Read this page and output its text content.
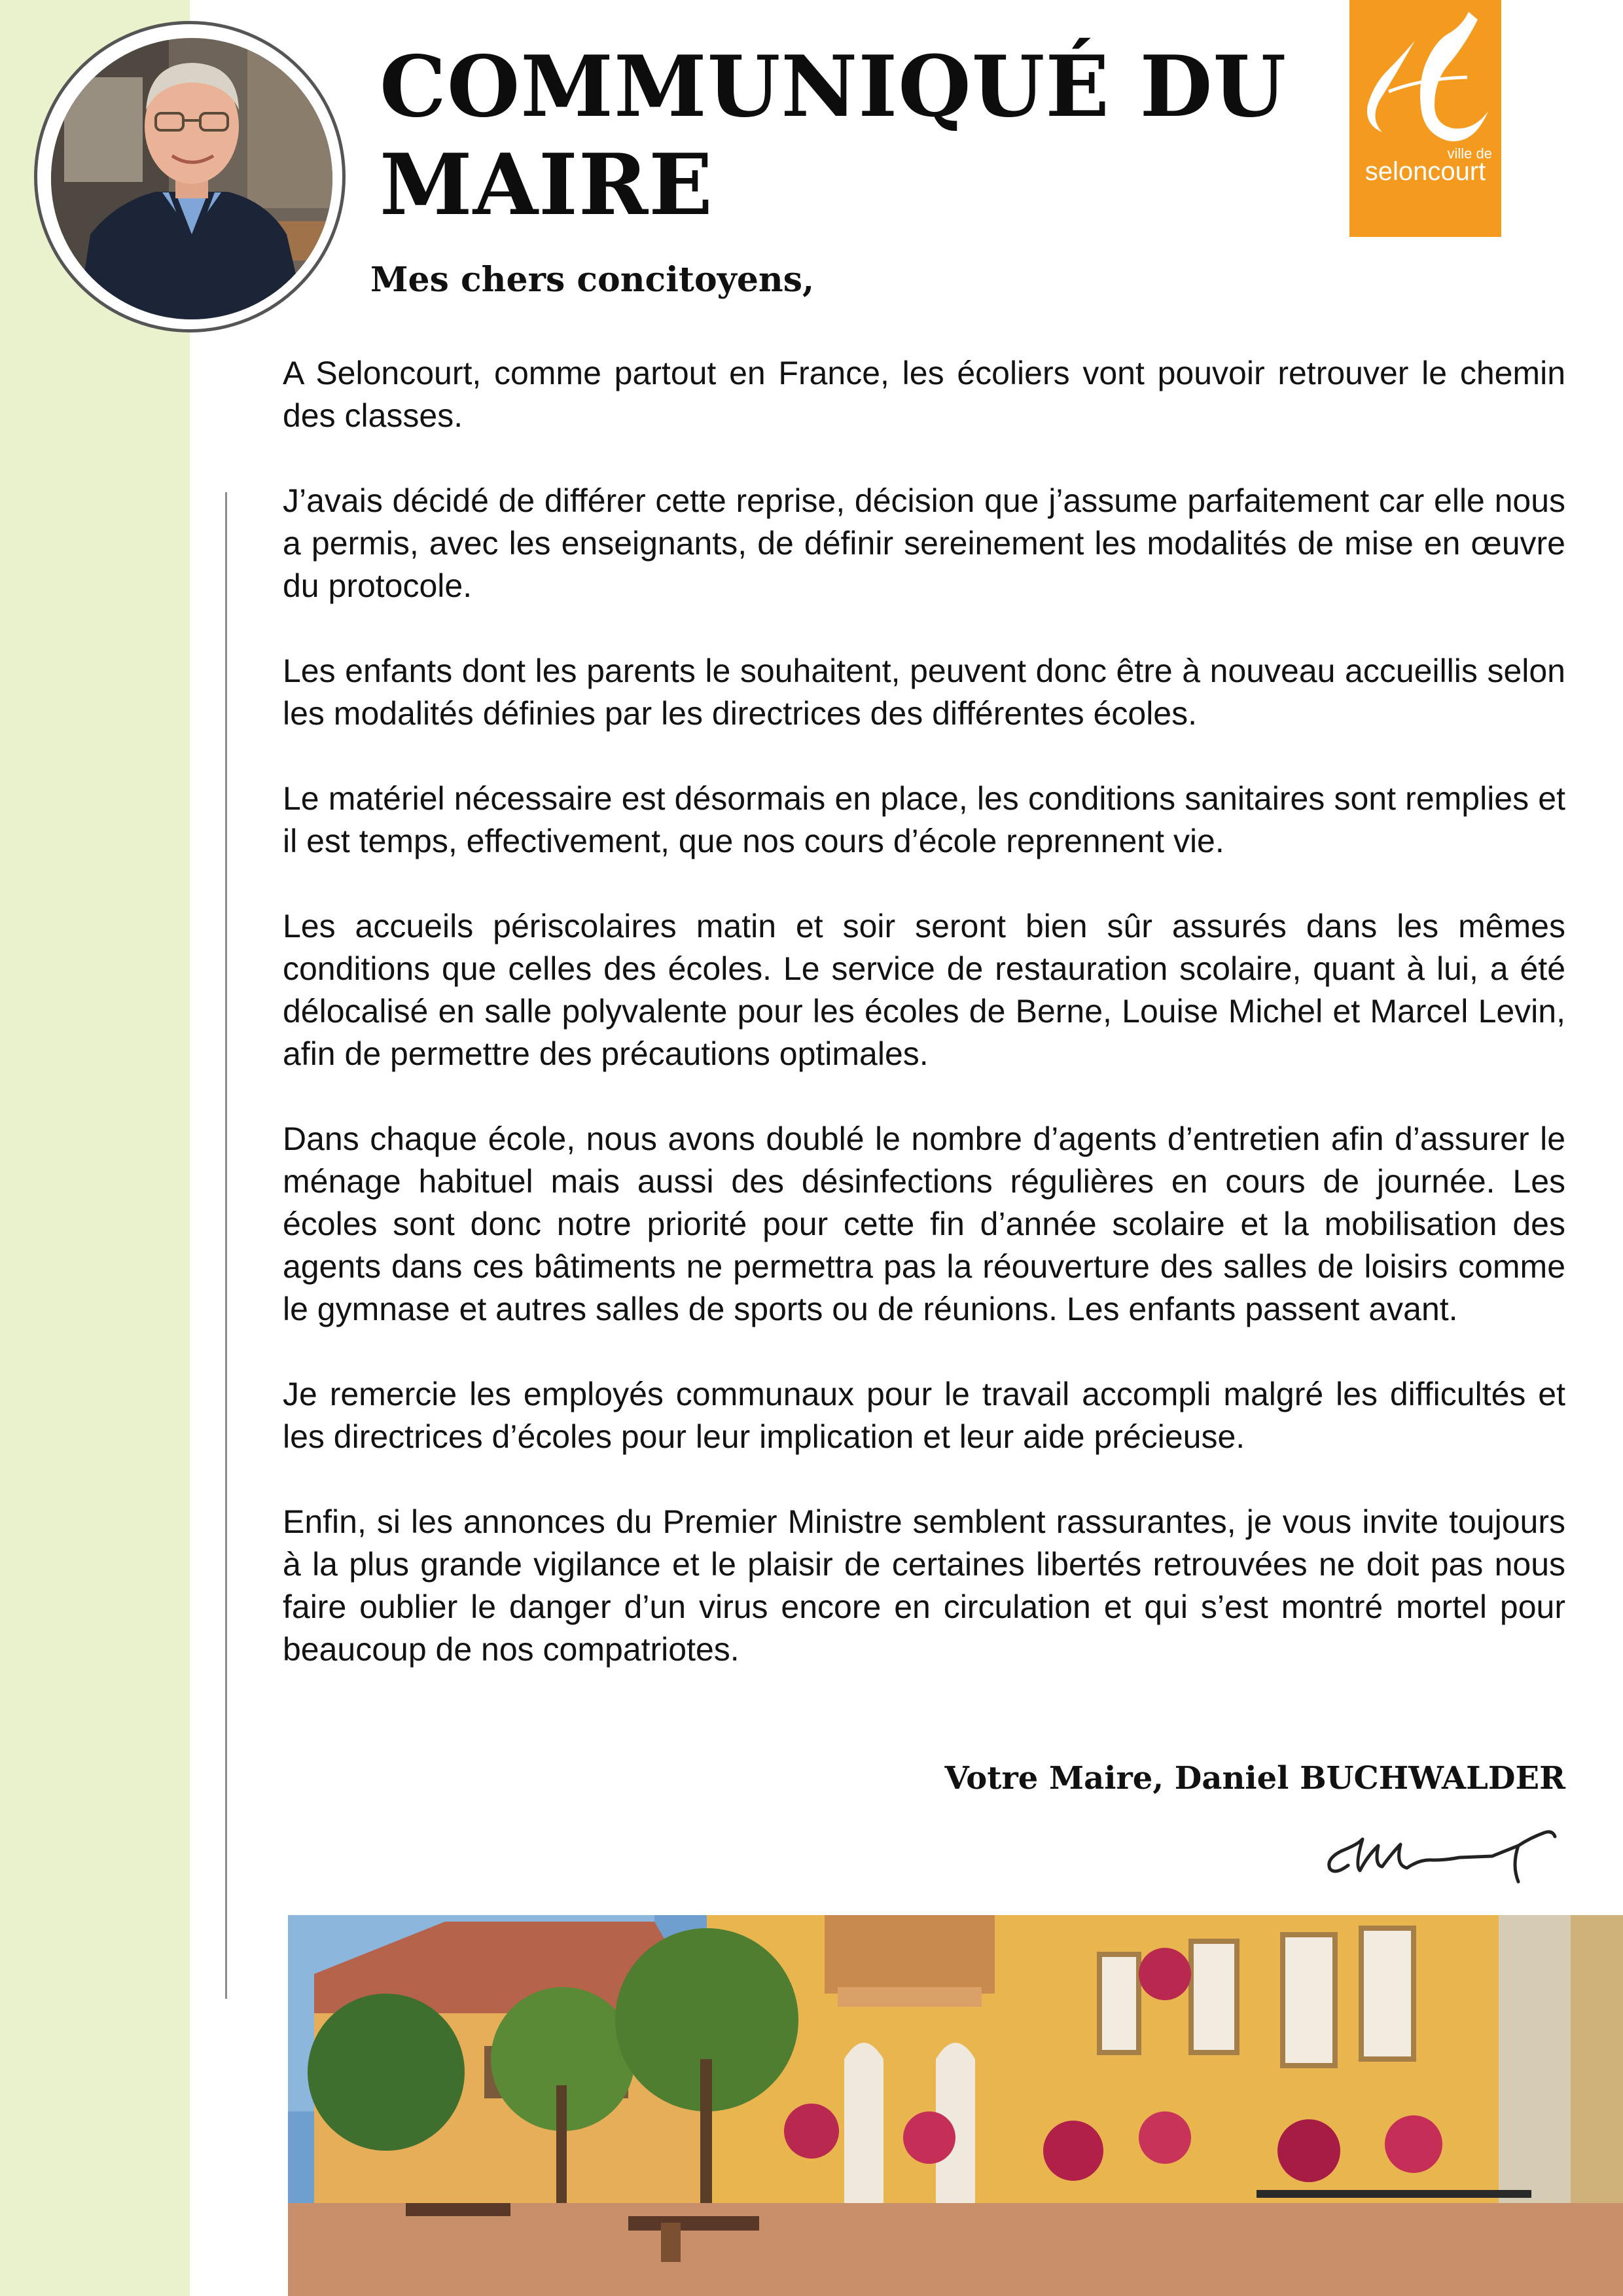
COMMUNIQUÉ DU
MAIRE	ville de
seloncourt
Mes chers concitoyens,

A Seloncourt, comme partout en France, les écoliers vont pouvoir retrouver le chemin des classes.

J’avais décidé de différer cette reprise, décision que j’assume parfaitement car elle nous a permis, avec les enseignants, de définir sereinement les modalités de mise en œuvre du protocole.

Les enfants dont les parents le souhaitent, peuvent donc être à nouveau accueillis selon les modalités définies par les directrices des différentes écoles.

Le matériel nécessaire est désormais en place, les conditions sanitaires sont remplies et il est temps, effectivement, que nos cours d’école reprennent vie.

Les accueils périscolaires matin et soir seront bien sûr assurés dans les mêmes conditions que celles des écoles. Le service de restauration scolaire, quant à lui, a été délocalisé en salle polyvalente pour les écoles de Berne, Louise Michel et Marcel Levin, afin de permettre des précautions optimales.

Dans chaque école, nous avons doublé le nombre d’agents d’entretien afin d’assurer le ménage habituel mais aussi des désinfections régulières en cours de journée. Les écoles sont donc notre priorité pour cette fin d’année scolaire et la mobilisation des agents dans ces bâtiments ne permettra pas la réouverture des salles de loisirs comme le gymnase et autres salles de sports ou de réunions. Les enfants passent avant.

Je remercie les employés communaux pour le travail accompli malgré les difficultés et les directrices d’écoles pour leur implication et leur aide précieuse.

Enfin, si les annonces du Premier Ministre semblent rassurantes, je vous invite toujours à la plus grande vigilance et le plaisir de certaines libertés retrouvées ne doit pas nous faire oublier le danger d’un virus encore en circulation et qui s’est montré mortel pour beaucoup de nos compatriotes.

Votre Maire, Daniel BUCHWALDER
